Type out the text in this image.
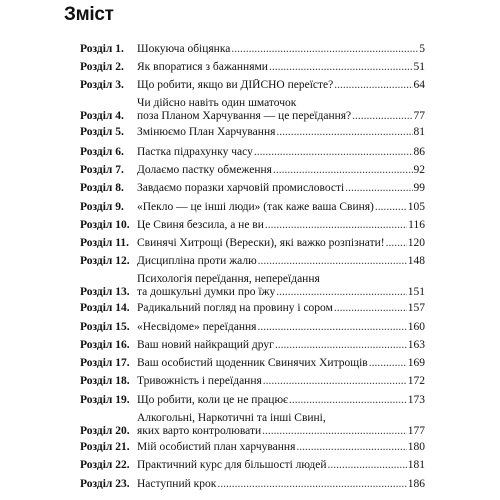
Зміст
Розділ 1. Шокуюча обіцянка .....	5
Розділ 2. Як впоратися з бажаннями .....	51
Розділ 3. Що робити, якщо ви ДІЙСНО переїсте? .....	64
Розділ 4.
Чи дійсно навіть один шматочок
поза Планом Харчування — це переїдання? .....	77
Розділ 5. Змінюємо План Харчування .....	81
Розділ 6. Пастка підрахунку часу .....	86
Розділ 7. Долаємо пастку обмеження .....	92
Розділ 8. Завдаємо поразки харчовій промисловості .....	99
Розділ 9. «Пекло — це інші люди» (так каже ваша Свиня) .....	105
Розділ 10. Це Свиня безсила, а не ви .....	116
Розділ 11. Свинячі Хитрощі (Верески), які важко розпізнати! ..... 120
Розділ 12. Дисципліна проти жалю .....	148
Розділ 13.
Психологія переїдання, непереїдання
та дошкульні думки про їжу .....	151
Розділ 14. Радикальний погляд на провину і сором .....	157
Розділ 15. «Несвідоме» переїдання .....	160
Розділ 16. Ваш новий найкращий друг .....	163
Розділ 17. Ваш особистий щоденник Свинячих Хитрощів .....	169
Розділ 18. Тривожність і переїдання .....	172
Розділ 19. Що робити, коли це не працює .....	173
Розділ 20.
Алкогольні, Наркотичні та інші Свині,
яких варто контролювати .....	177
Розділ 21. Мій особистий план харчування .....	180
Розділ 22. Практичний курс для більшості людей .....	181
Розділ 23. Наступний крок .....	186
